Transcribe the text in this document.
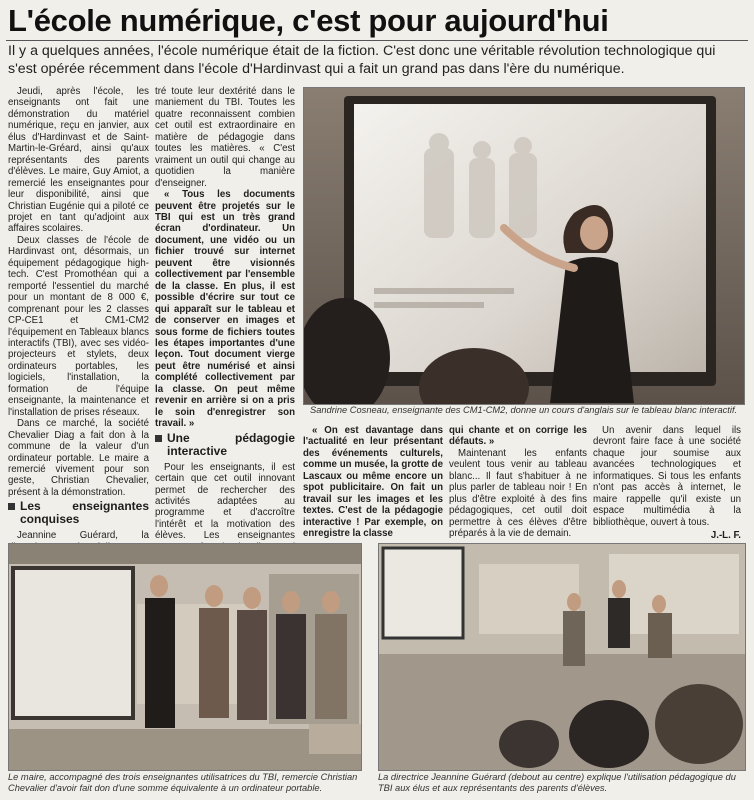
L'école numérique, c'est pour aujourd'hui
Il y a quelques années, l'école numérique était de la fiction. C'est donc une véritable révolution technologique qui s'est opérée récemment dans l'école d'Hardinvast qui a fait un grand pas dans l'ère du numérique.

Jeudi, après l'école, les enseignants ont fait une démonstration du matériel numérique, reçu en janvier, aux élus d'Hardinvast et de Saint-Martin-le-Gréard, ainsi qu'aux représentants des parents d'élèves. Le maire, Guy Amiot, a remercié les enseignantes pour leur disponibilité, ainsi que Christian Eugénie qui a piloté ce projet en tant qu'adjoint aux affaires scolaires.

Deux classes de l'école de Hardinvast ont, désormais, un équipement pédagogique high-tech. C'est Promothéan qui a remporté l'essentiel du marché pour un montant de 8 000 €, comprenant pour les 2 classes CP-CE1 et CM1-CM2 l'équipement en Tableaux blancs interactifs (TBI), avec ses vidéo-projecteurs et stylets, deux ordinateurs portables, les logiciels, l'installation, la formation de l'équipe enseignante, la maintenance et l'installation de prises réseaux.

Dans ce marché, la société Chevalier Diag a fait don à la commune de la valeur d'un ordinateur portable. Le maire a remercié vivement pour son geste, Christian Chevalier, présent à la démonstration.

Les enseignantes conquises

Jeannine Guérard, la

tré toute leur dextérité dans le maniement du TBI. Toutes les quatre reconnaissent combien cet outil est extraordinaire en matière de pédagogie dans toutes les matières. « C'est vraiment un outil qui change au quotidien la manière d'enseigner.

« Tous les documents peuvent être projetés sur le TBI qui est un très grand écran d'ordinateur. Un document, une vidéo ou un fichier trouvé sur internet peuvent être visionnés collectivement par l'ensemble de la classe. En plus, il est possible d'écrire sur tout ce qui apparaît sur le tableau et de conserver en images et sous forme de fichiers toutes les étapes importantes d'une leçon. Tout document vierge peut être numérisé et ainsi complété collectivement par la classe. On peut même revenir en arrière si on a pris le soin d'enregistrer son travail. »

Une pédagogie interactive

Pour les enseignants, il est certain que cet outil innovant permet de rechercher des activités adaptées au programme et d'accroître l'intérêt et la motivation des élèves. Les enseignantes

Sandrine Cosneau, enseignante des CM1-CM2, donne un cours d'anglais sur le tableau blanc interactif.

« On est davantage dans l'actualité en leur présentant des événements culturels, comme un musée, la grotte de Lascaux ou même encore un spot publicitaire. On fait un travail sur les images et les textes. C'est de la pédagogie interactive ! Par exemple, on enregistre la classe

qui chante et on corrige les défauts. »

Maintenant les enfants veulent tous venir au tableau blanc... Il faut s'habituer à ne plus parler de tableau noir ! En plus d'être exploité à des fins pédagogiques, cet outil doit permettre à ces élèves d'être préparés à la vie de demain.

Un avenir dans lequel ils devront faire face à une société chaque jour soumise aux avancées technologiques et informatiques. Si tous les enfants n'ont pas accès à internet, le maire rappelle qu'il existe un espace multimédia à la bibliothèque, ouvert à tous.

J.-L. F.
Le maire, accompagné des trois enseignantes utilisatrices du TBI, remercie Christian Chevalier d'avoir fait don d'une somme équivalente à un ordinateur portable.
La directrice Jeannine Guérard (debout au centre) explique l'utilisation pédagogique du TBI aux élus et aux représentants des parents d'élèves.
